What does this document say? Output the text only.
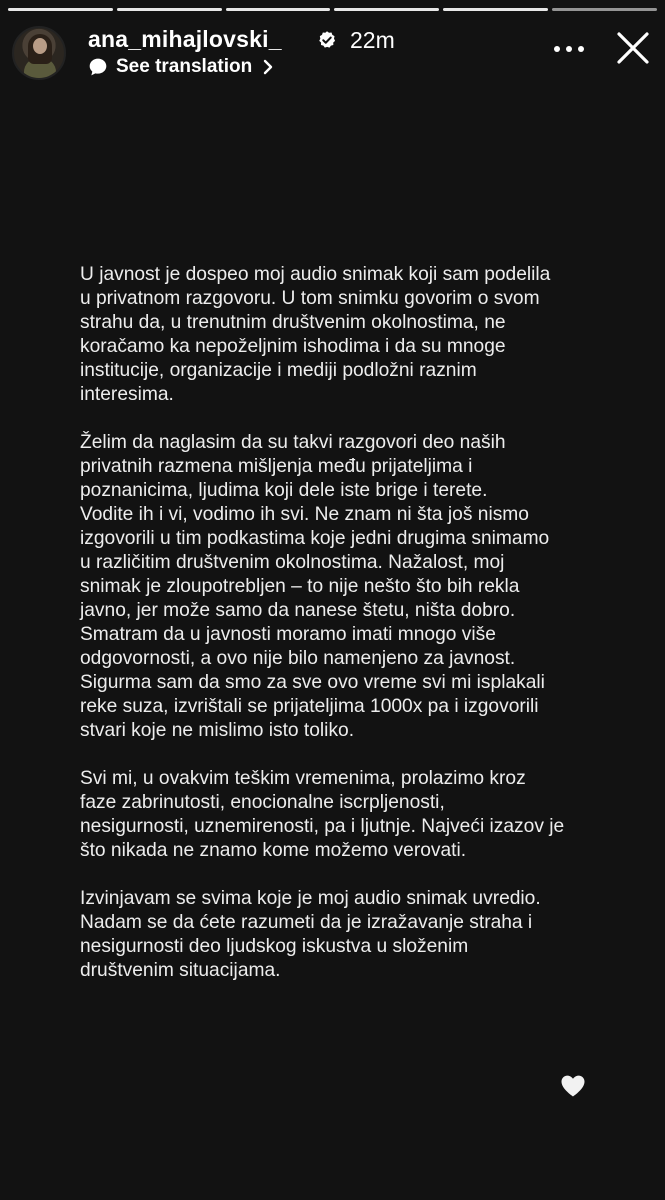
ana_mihajlovski_	22m
See translation

U javnost je dospeo moj audio snimak koji sam podelila
u privatnom razgovoru. U tom snimku govorim o svom
strahu da, u trenutnim društvenim okolnostima, ne
koračamo ka nepoželjnim ishodima i da su mnoge
institucije, organizacije i mediji podložni raznim
interesima.

Želim da naglasim da su takvi razgovori deo naših
privatnih razmena mišljenja među prijateljima i
poznanicima, ljudima koji dele iste brige i terete.
Vodite ih i vi, vodimo ih svi. Ne znam ni šta još nismo
izgovorili u tim podkastima koje jedni drugima snimamo
u različitim društvenim okolnostima. Nažalost, moj
snimak je zloupotrebljen – to nije nešto što bih rekla
javno, jer može samo da nanese štetu, ništa dobro.
Smatram da u javnosti moramo imati mnogo više
odgovornosti, a ovo nije bilo namenjeno za javnost.
Sigurma sam da smo za sve ovo vreme svi mi isplakali
reke suza, izvrištali se prijateljima 1000x pa i izgovorili
stvari koje ne mislimo isto toliko.

Svi mi, u ovakvim teškim vremenima, prolazimo kroz
faze zabrinutosti, enocionalne iscrpljenosti,
nesigurnosti, uznemirenosti, pa i ljutnje. Najveći izazov je
što nikada ne znamo kome možemo verovati.

Izvinjavam se svima koje je moj audio snimak uvredio.
Nadam se da ćete razumeti da je izražavanje straha i
nesigurnosti deo ljudskog iskustva u složenim
društvenim situacijama.
